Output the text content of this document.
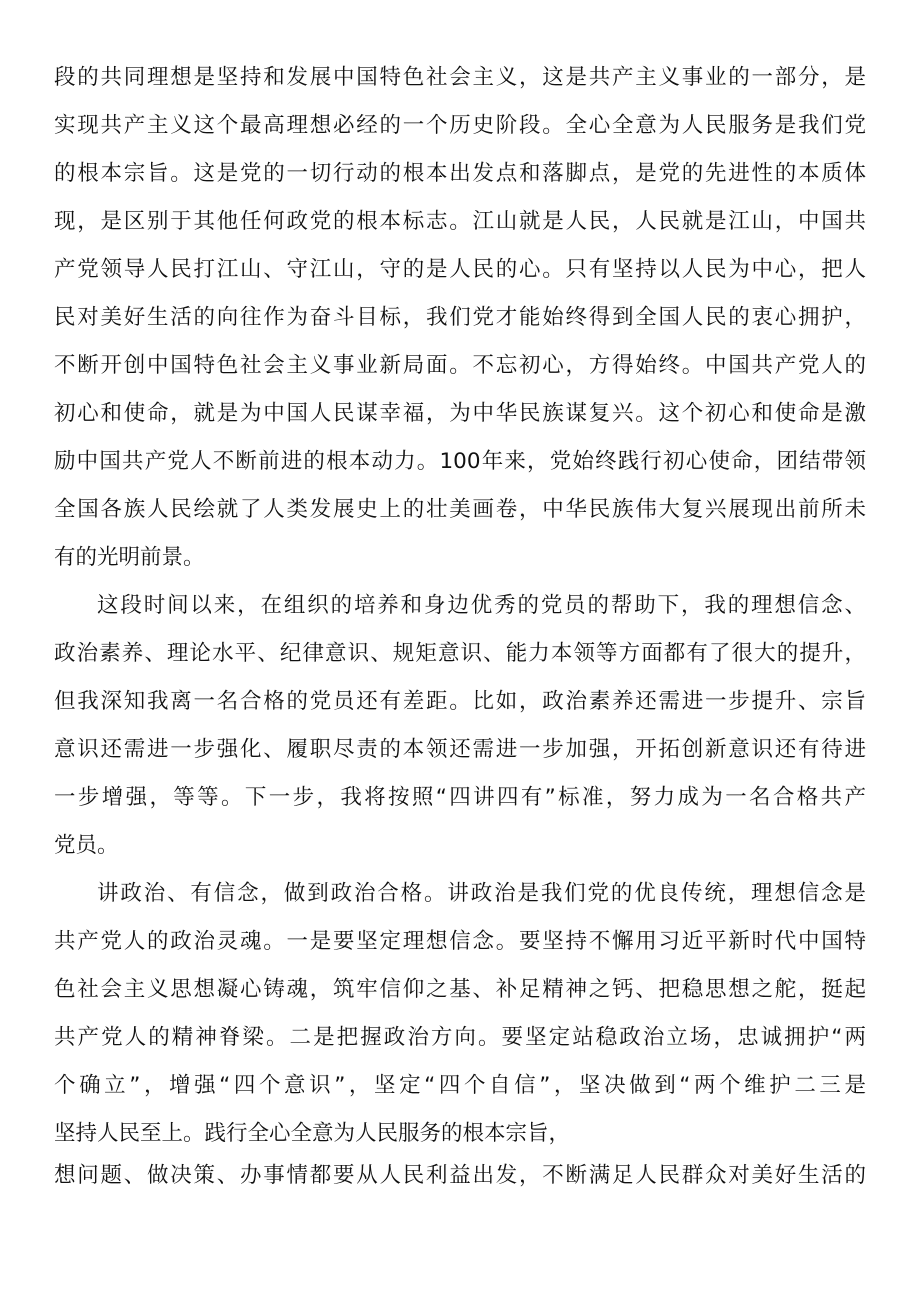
段的共同理想是坚持和发展中国特色社会主义，这是共产主义事业的一部分，是
实现共产主义这个最高理想必经的一个历史阶段。全心全意为人民服务是我们党
的根本宗旨。这是党的一切行动的根本出发点和落脚点，是党的先进性的本质体
现，是区别于其他任何政党的根本标志。江山就是人民，人民就是江山，中国共
产党领导人民打江山、守江山，守的是人民的心。只有坚持以人民为中心，把人
民对美好生活的向往作为奋斗目标，我们党才能始终得到全国人民的衷心拥护，
不断开创中国特色社会主义事业新局面。不忘初心，方得始终。中国共产党人的
初心和使命，就是为中国人民谋幸福，为中华民族谋复兴。这个初心和使命是激
励中国共产党人不断前进的根本动力。100年来，党始终践行初心使命，团结带领
全国各族人民绘就了人类发展史上的壮美画卷，中华民族伟大复兴展现出前所未
有的光明前景。
这段时间以来，在组织的培养和身边优秀的党员的帮助下，我的理想信念、
政治素养、理论水平、纪律意识、规矩意识、能力本领等方面都有了很大的提升，
但我深知我离一名合格的党员还有差距。比如，政治素养还需进一步提升、宗旨
意识还需进一步强化、履职尽责的本领还需进一步加强，开拓创新意识还有待进
一步增强，等等。下一步，我将按照“四讲四有”标准，努力成为一名合格共产
党员。
讲政治、有信念，做到政治合格。讲政治是我们党的优良传统，理想信念是
共产党人的政治灵魂。一是要坚定理想信念。要坚持不懈用习近平新时代中国特
色社会主义思想凝心铸魂，筑牢信仰之基、补足精神之钙、把稳思想之舵，挺起
共产党人的精神脊梁。二是把握政治方向。要坚定站稳政治立场，忠诚拥护“两
个确立”，增强“四个意识”，坚定“四个自信”，坚决做到“两个维护二三是
坚持人民至上。践行全心全意为人民服务的根本宗旨，
想问题、做决策、办事情都要从人民利益出发，不断满足人民群众对美好生活的
